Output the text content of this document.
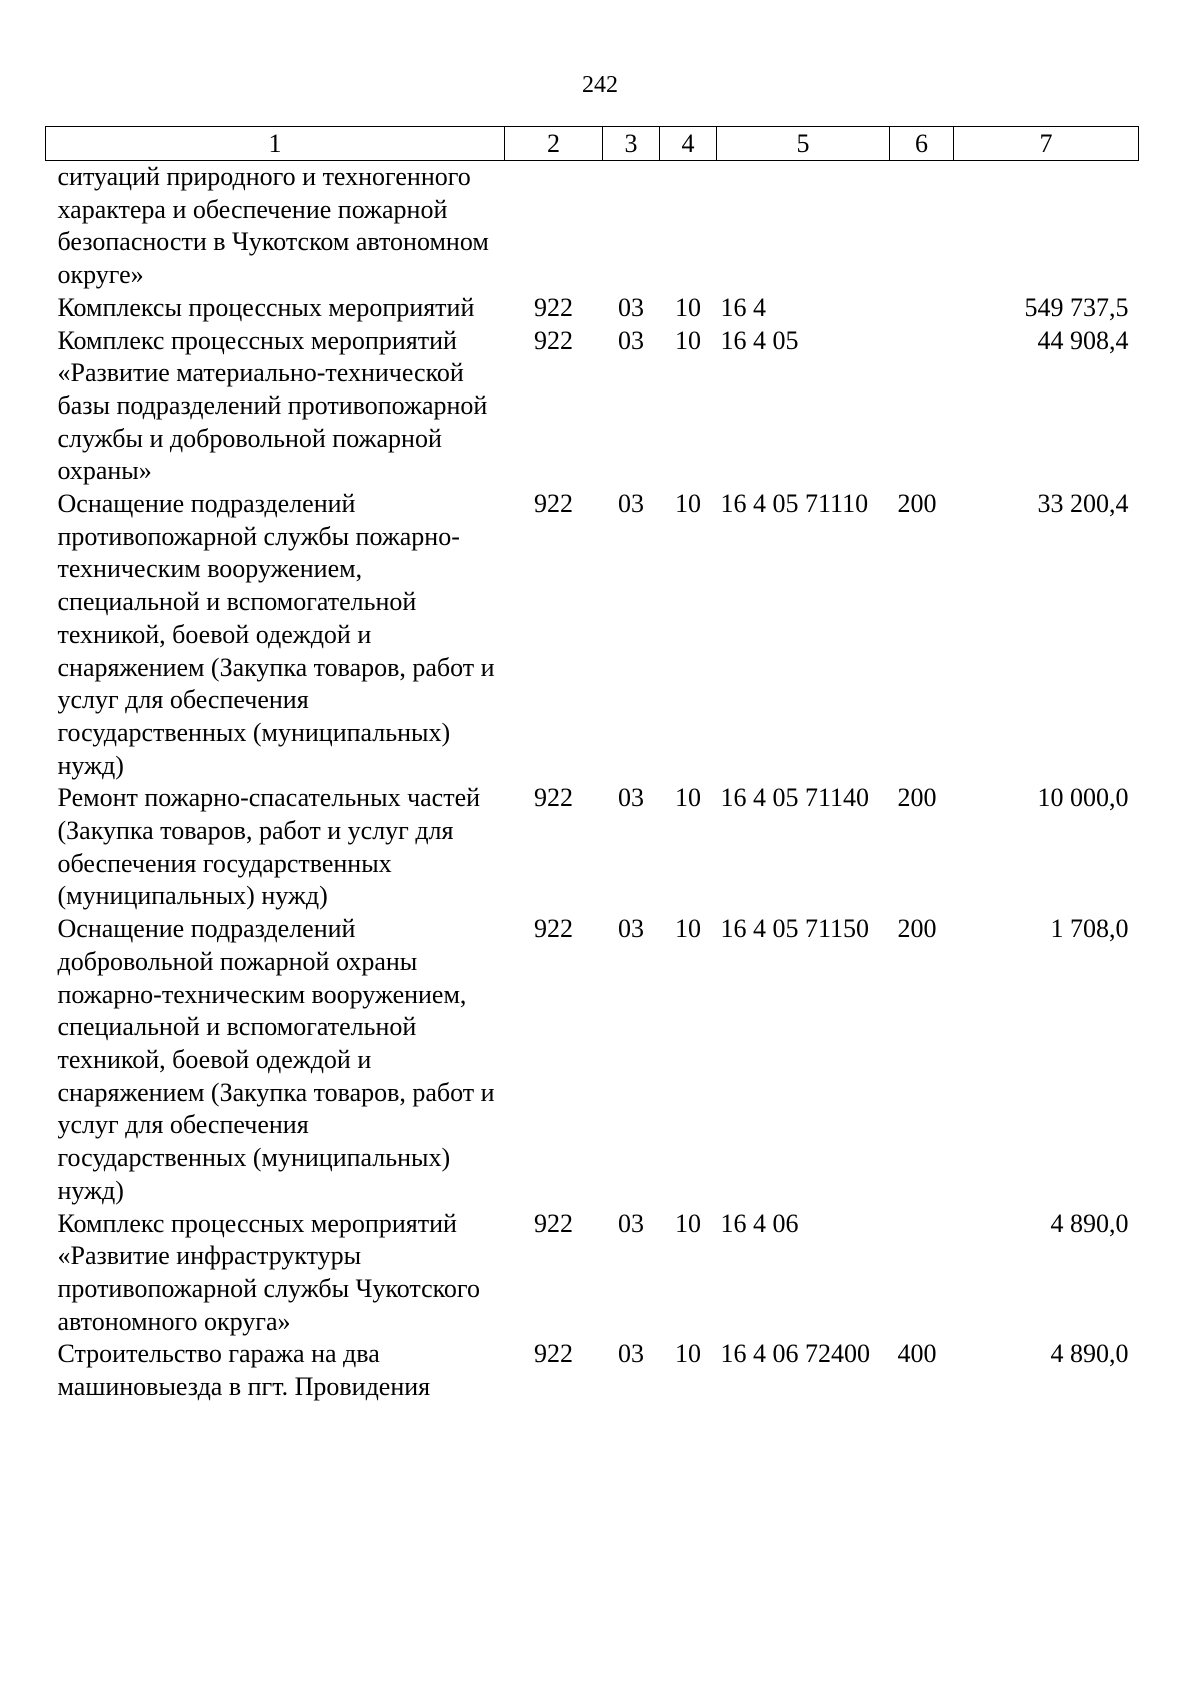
242
1	2	3	4	5	6	7
ситуаций природного и техногенного характера и обеспечение пожарной безопасности в Чукотском автономном округе»						
Комплексы процессных мероприятий	922	03	10	16 4		549 737,5
Комплекс процессных мероприятий «Развитие материально-технической базы подразделений противопожарной службы и добровольной пожарной охраны»	922	03	10	16 4 05		44 908,4
Оснащение подразделений противопожарной службы пожарно-техническим вооружением, специальной и вспомогательной техникой, боевой одеждой и снаряжением (Закупка товаров, работ и услуг для обеспечения государственных (муниципальных) нужд)	922	03	10	16 4 05 71110	200	33 200,4
Ремонт пожарно-спасательных частей (Закупка товаров, работ и услуг для обеспечения государственных (муниципальных) нужд)	922	03	10	16 4 05 71140	200	10 000,0
Оснащение подразделений добровольной пожарной охраны пожарно-техническим вооружением, специальной и вспомогательной техникой, боевой одеждой и снаряжением (Закупка товаров, работ и услуг для обеспечения государственных (муниципальных) нужд)	922	03	10	16 4 05 71150	200	1 708,0
Комплекс процессных мероприятий «Развитие инфраструктуры противопожарной службы Чукотского автономного округа»	922	03	10	16 4 06		4 890,0
Строительство гаража на два машиновыезда в пгт. Провидения	922	03	10	16 4 06 72400	400	4 890,0
